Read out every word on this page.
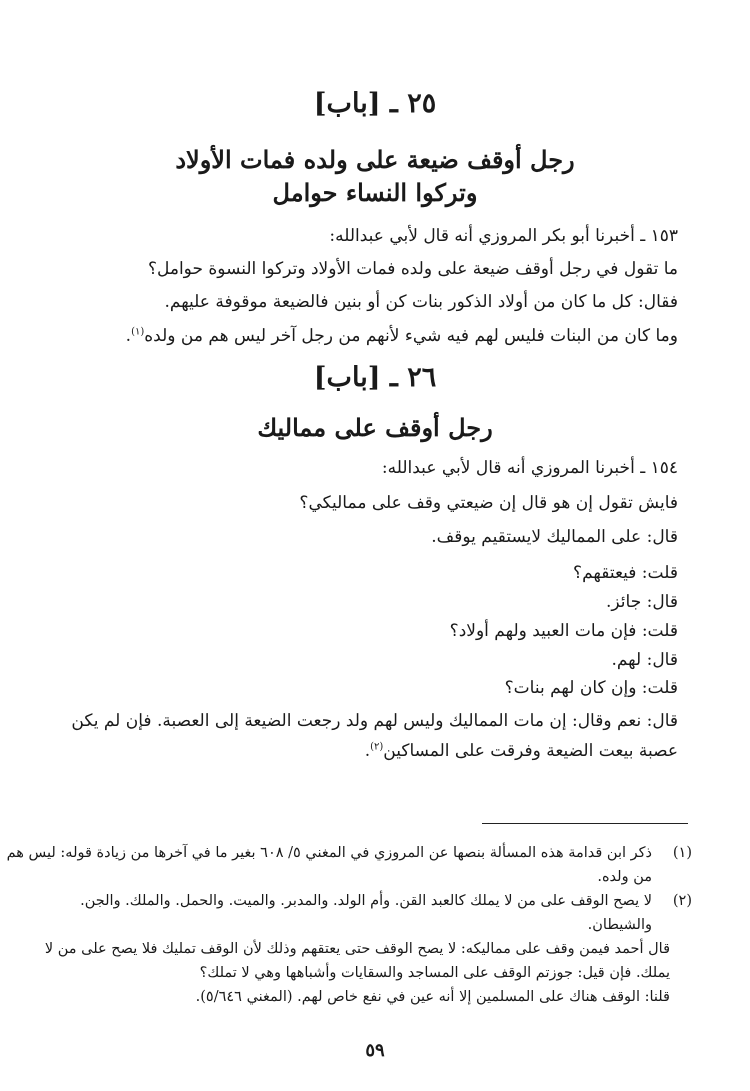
٢٥ ـ [باب]
رجل أوقف ضيعة على ولده فمات الأولاد
وتركوا النساء حوامل
١٥٣ ـ أخبرنا أبو بكر المروزي أنه قال لأبي عبدالله:
ما تقول في رجل أوقف ضيعة على ولده فمات الأولاد وتركوا النسوة حوامل؟
فقال: كل ما كان من أولاد الذكور بنات كن أو بنين فالضيعة موقوفة عليهم.
وما كان من البنات فليس لهم فيه شيء لأنهم من رجل آخر ليس هم من ولده$^{(١)}$.
٢٦ ـ [باب]
رجل أوقف على مماليك
١٥٤ ـ أخبرنا المروزي أنه قال لأبي عبدالله:
فايش تقول إن هو قال إن ضيعتي وقف على مماليكي؟
قال: على المماليك لايستقيم يوقف.
قلت: فيعتقهم؟
قال: جائز.
قلت: فإن مات العبيد ولهم أولاد؟
قال: لهم.
قلت: وإن كان لهم بنات؟
قال: نعم وقال: إن مات المماليك وليس لهم ولد رجعت الضيعة إلى العصبة. فإن لم يكن
عصبة بيعت الضيعة وفرقت على المساكين$^{(٢)}$.
(١)
ذكر ابن قدامة هذه المسألة بنصها عن المروزي في المغني ٥/ ٦٠٨ بغير ما في آخرها من زيادة قوله: ليس هم
من ولده.
(٢)
لا يصح الوقف على من لا يملك كالعبد القن. وأم الولد. والمدبر. والميت. والحمل. والملك. والجن.
والشيطان.
قال أحمد فيمن وقف على مماليكه: لا يصح الوقف حتى يعتقهم وذلك لأن الوقف تمليك فلا يصح على من لا
يملك. فإن قيل: جوزتم الوقف على المساجد والسقايات وأشباهها وهي لا تملك؟
قلنا: الوقف هناك على المسلمين إلا أنه عين في نفع خاص لهم. (المغني ٥/٦٤٦).
٥٩
